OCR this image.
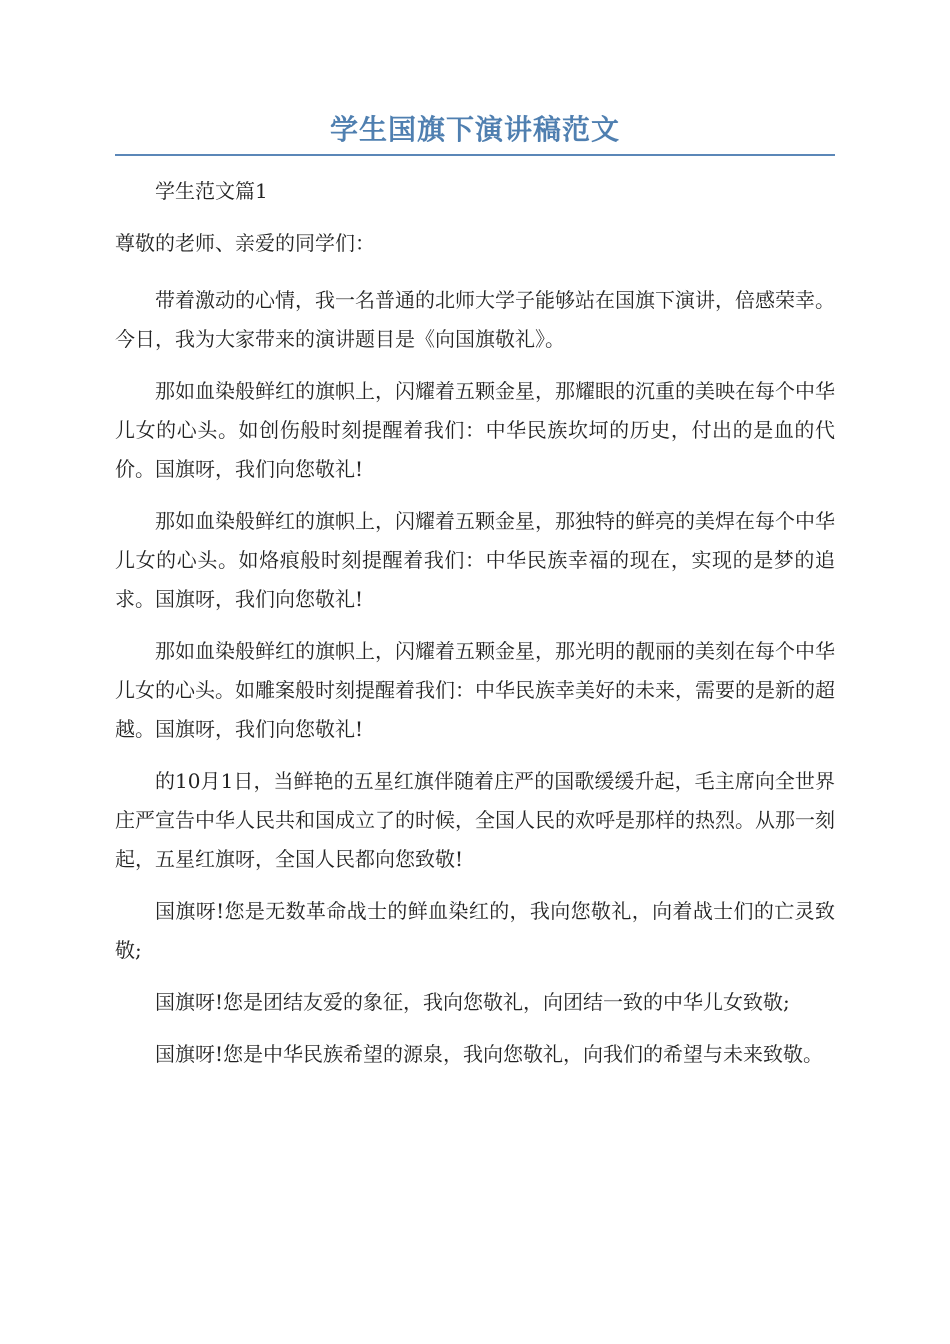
学生国旗下演讲稿范文

学生范文篇1

尊敬的老师、亲爱的同学们：

带着激动的心情，我一名普通的北师大学子能够站在国旗下演讲，倍感荣幸。今日，我为大家带来的演讲题目是《向国旗敬礼》。

那如血染般鲜红的旗帜上，闪耀着五颗金星，那耀眼的沉重的美映在每个中华儿女的心头。如创伤般时刻提醒着我们：中华民族坎坷的历史，付出的是血的代价。国旗呀，我们向您敬礼!

那如血染般鲜红的旗帜上，闪耀着五颗金星，那独特的鲜亮的美焊在每个中华儿女的心头。如烙痕般时刻提醒着我们：中华民族幸福的现在，实现的是梦的追求。国旗呀，我们向您敬礼!

那如血染般鲜红的旗帜上，闪耀着五颗金星，那光明的靓丽的美刻在每个中华儿女的心头。如雕案般时刻提醒着我们：中华民族幸美好的未来，需要的是新的超越。国旗呀，我们向您敬礼!

的10月1日，当鲜艳的五星红旗伴随着庄严的国歌缓缓升起，毛主席向全世界庄严宣告中华人民共和国成立了的时候，全国人民的欢呼是那样的热烈。从那一刻起，五星红旗呀，全国人民都向您致敬!

国旗呀!您是无数革命战士的鲜血染红的，我向您敬礼，向着战士们的亡灵致敬;

国旗呀!您是团结友爱的象征，我向您敬礼，向团结一致的中华儿女致敬;

国旗呀!您是中华民族希望的源泉，我向您敬礼，向我们的希望与未来致敬。
